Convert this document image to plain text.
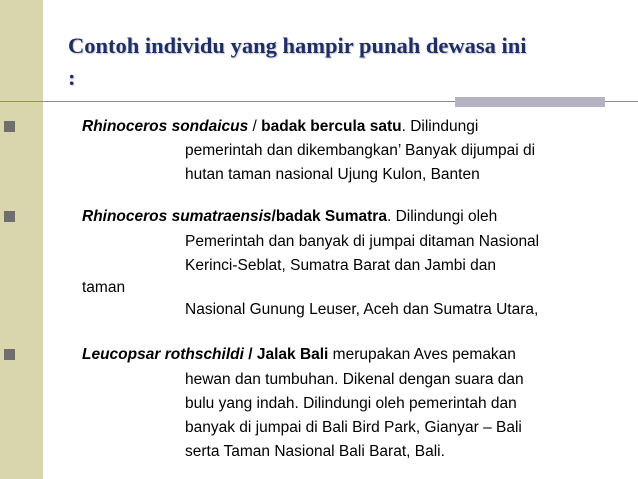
Contoh individu yang hampir punah dewasa ini
:

Rhinoceros sondaicus / badak bercula satu. Dilindungi

pemerintah dan dikembangkan’ Banyak dijumpai di

hutan taman nasional Ujung Kulon, Banten

Rhinoceros sumatraensis/badak Sumatra. Dilindungi oleh

Pemerintah dan banyak di jumpai ditaman Nasional

Kerinci-Seblat, Sumatra Barat dan Jambi dan

taman

Nasional Gunung Leuser, Aceh dan Sumatra Utara,

Leucopsar rothschildi / Jalak Bali merupakan Aves pemakan

hewan dan tumbuhan. Dikenal dengan suara dan

bulu yang indah. Dilindungi oleh pemerintah dan

banyak di jumpai di Bali Bird Park, Gianyar – Bali

serta Taman Nasional Bali Barat, Bali.
